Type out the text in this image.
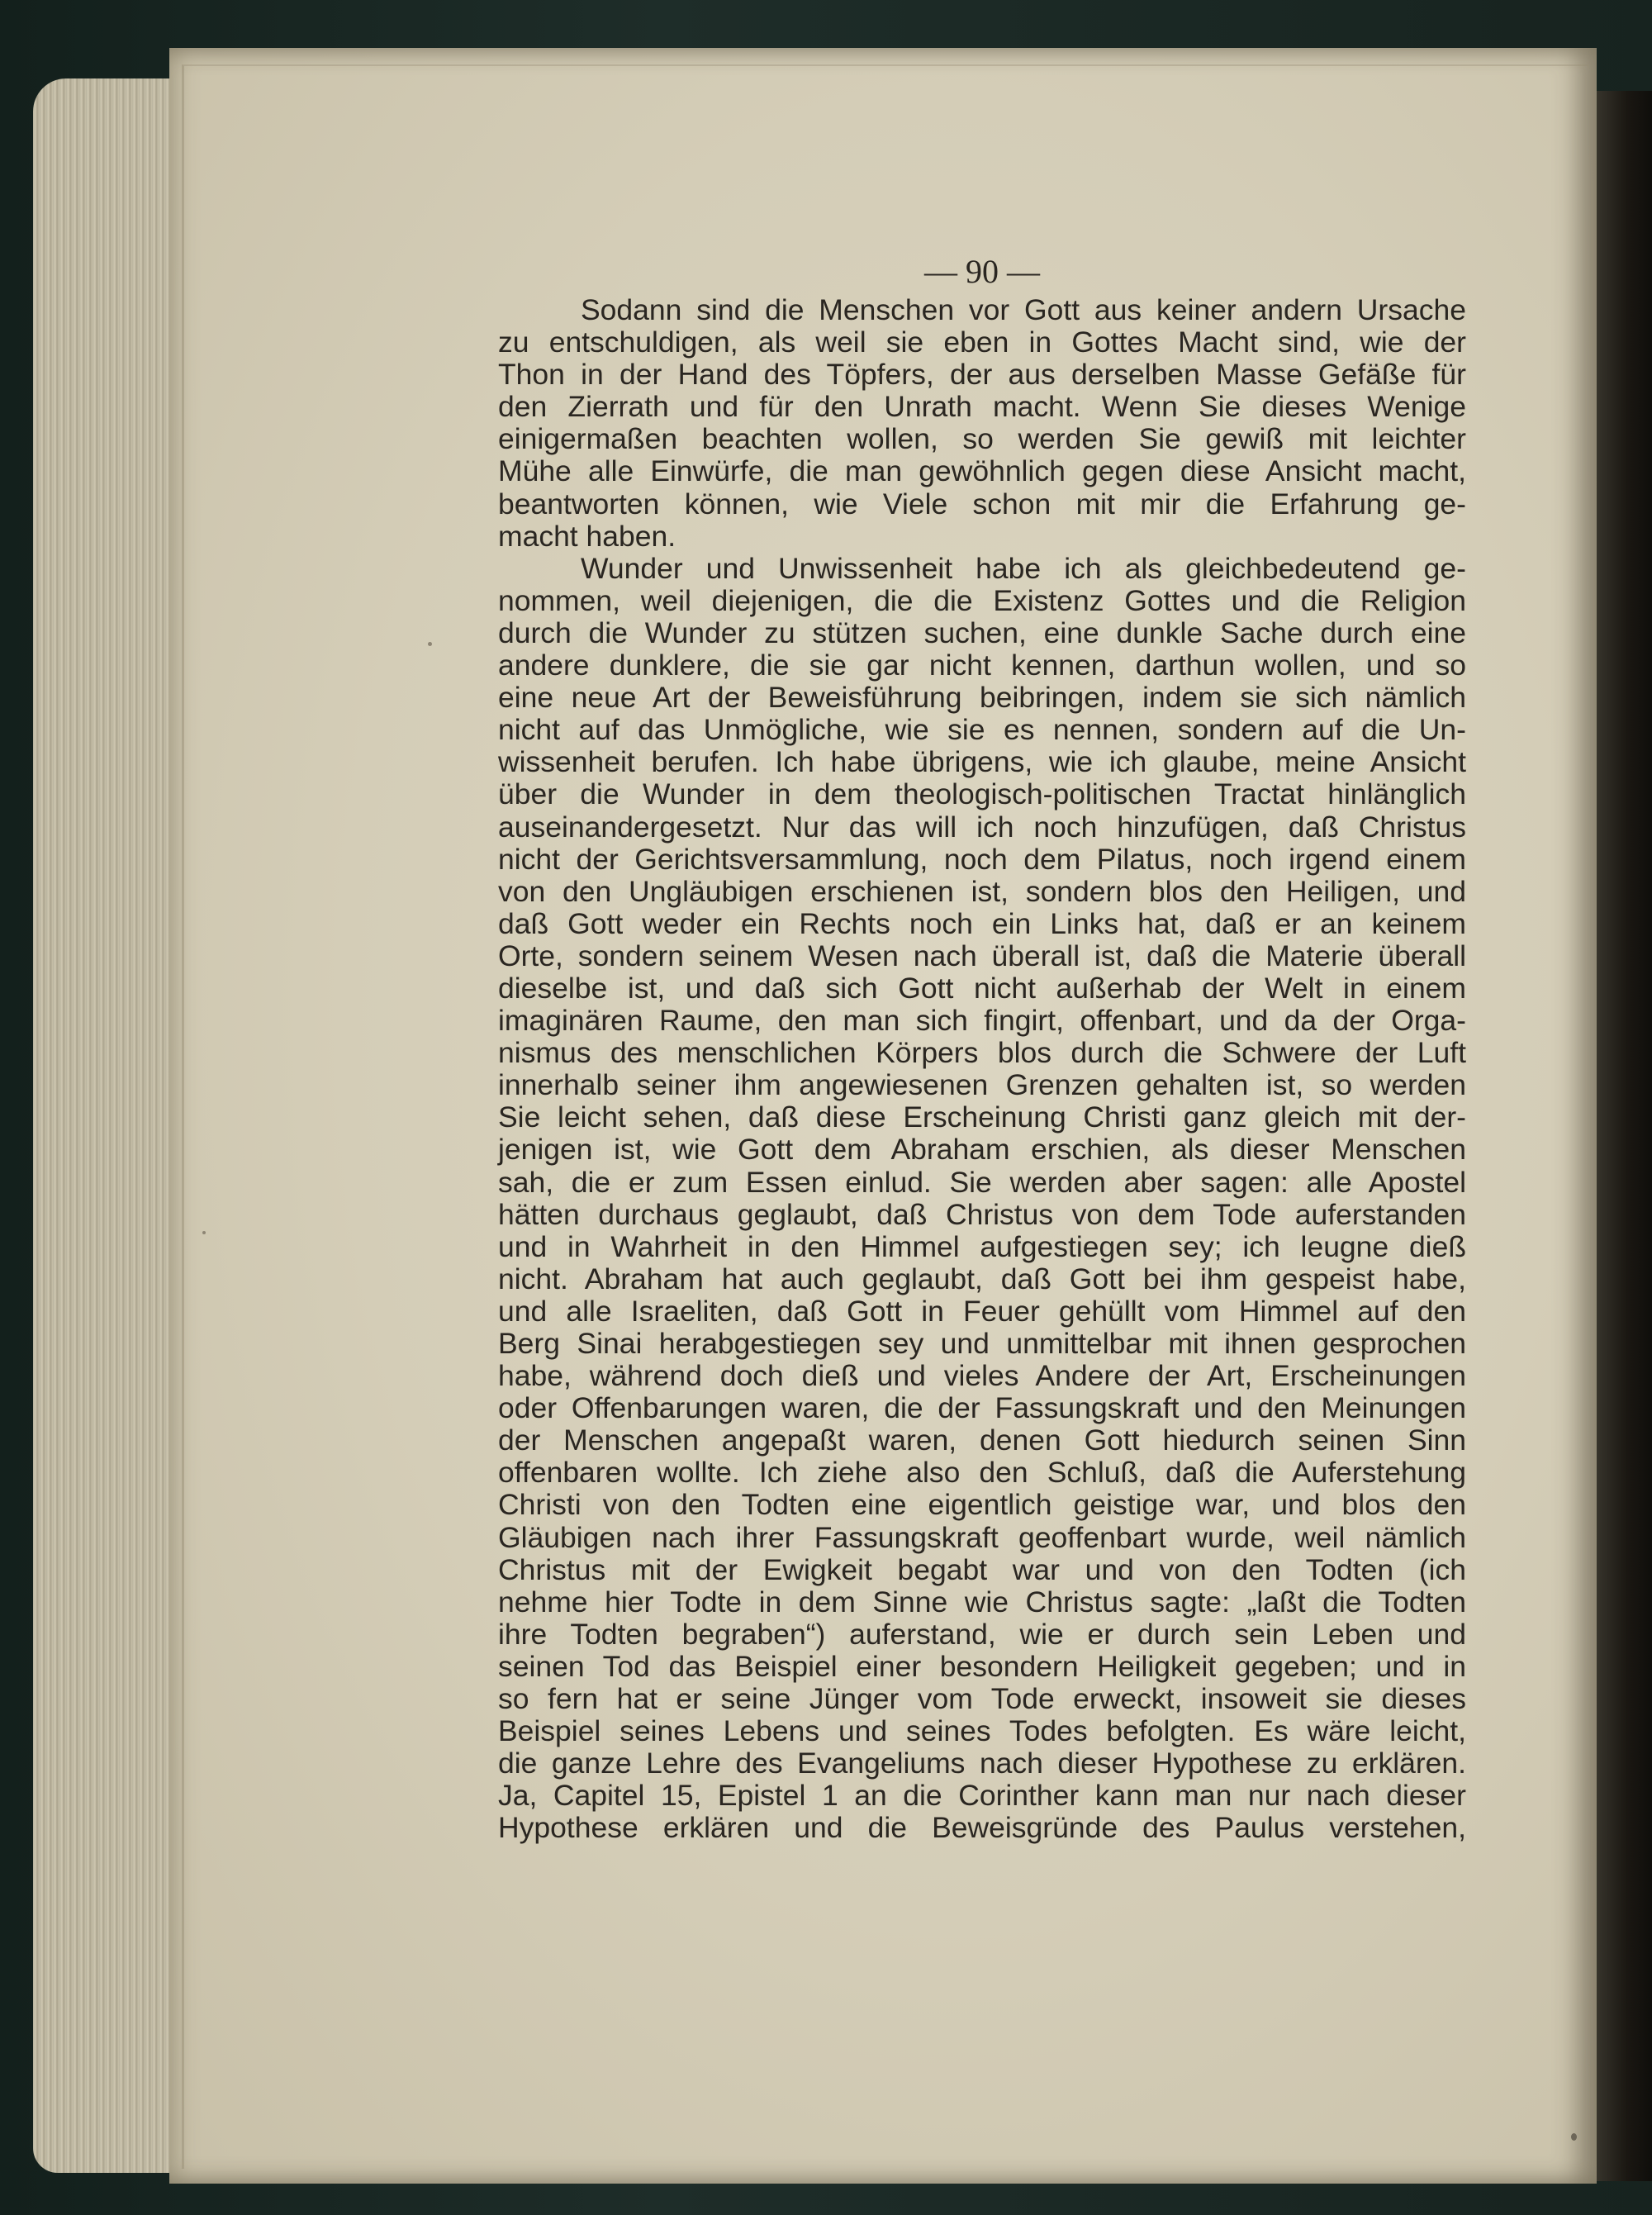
— 90 —
Sodann sind die Menschen vor Gott aus keiner andern Ursache
zu entschuldigen, als weil sie eben in Gottes Macht sind, wie der
Thon in der Hand des Töpfers, der aus derselben Masse Gefäße für
den Zierrath und für den Unrath macht. Wenn Sie dieses Wenige
einigermaßen beachten wollen, so werden Sie gewiß mit leichter
Mühe alle Einwürfe, die man gewöhnlich gegen diese Ansicht macht,
beantworten können, wie Viele schon mit mir die Erfahrung ge-
macht haben.
Wunder und Unwissenheit habe ich als gleichbedeutend ge-
nommen, weil diejenigen, die die Existenz Gottes und die Religion
durch die Wunder zu stützen suchen, eine dunkle Sache durch eine
andere dunklere, die sie gar nicht kennen, darthun wollen, und so
eine neue Art der Beweisführung beibringen, indem sie sich nämlich
nicht auf das Unmögliche, wie sie es nennen, sondern auf die Un-
wissenheit berufen. Ich habe übrigens, wie ich glaube, meine Ansicht
über die Wunder in dem theologisch-politischen Tractat hinlänglich
auseinandergesetzt. Nur das will ich noch hinzufügen, daß Christus
nicht der Gerichtsversammlung, noch dem Pilatus, noch irgend einem
von den Ungläubigen erschienen ist, sondern blos den Heiligen, und
daß Gott weder ein Rechts noch ein Links hat, daß er an keinem
Orte, sondern seinem Wesen nach überall ist, daß die Materie überall
dieselbe ist, und daß sich Gott nicht außerhab der Welt in einem
imaginären Raume, den man sich fingirt, offenbart, und da der Orga-
nismus des menschlichen Körpers blos durch die Schwere der Luft
innerhalb seiner ihm angewiesenen Grenzen gehalten ist, so werden
Sie leicht sehen, daß diese Erscheinung Christi ganz gleich mit der-
jenigen ist, wie Gott dem Abraham erschien, als dieser Menschen
sah, die er zum Essen einlud. Sie werden aber sagen: alle Apostel
hätten durchaus geglaubt, daß Christus von dem Tode auferstanden
und in Wahrheit in den Himmel aufgestiegen sey; ich leugne dieß
nicht. Abraham hat auch geglaubt, daß Gott bei ihm gespeist habe,
und alle Israeliten, daß Gott in Feuer gehüllt vom Himmel auf den
Berg Sinai herabgestiegen sey und unmittelbar mit ihnen gesprochen
habe, während doch dieß und vieles Andere der Art, Erscheinungen
oder Offenbarungen waren, die der Fassungskraft und den Meinungen
der Menschen angepaßt waren, denen Gott hiedurch seinen Sinn
offenbaren wollte. Ich ziehe also den Schluß, daß die Auferstehung
Christi von den Todten eine eigentlich geistige war, und blos den
Gläubigen nach ihrer Fassungskraft geoffenbart wurde, weil nämlich
Christus mit der Ewigkeit begabt war und von den Todten (ich
nehme hier Todte in dem Sinne wie Christus sagte: „laßt die Todten
ihre Todten begraben“) auferstand, wie er durch sein Leben und
seinen Tod das Beispiel einer besondern Heiligkeit gegeben; und in
so fern hat er seine Jünger vom Tode erweckt, insoweit sie dieses
Beispiel seines Lebens und seines Todes befolgten. Es wäre leicht,
die ganze Lehre des Evangeliums nach dieser Hypothese zu erklären.
Ja, Capitel 15, Epistel 1 an die Corinther kann man nur nach dieser
Hypothese erklären und die Beweisgründe des Paulus verstehen,
